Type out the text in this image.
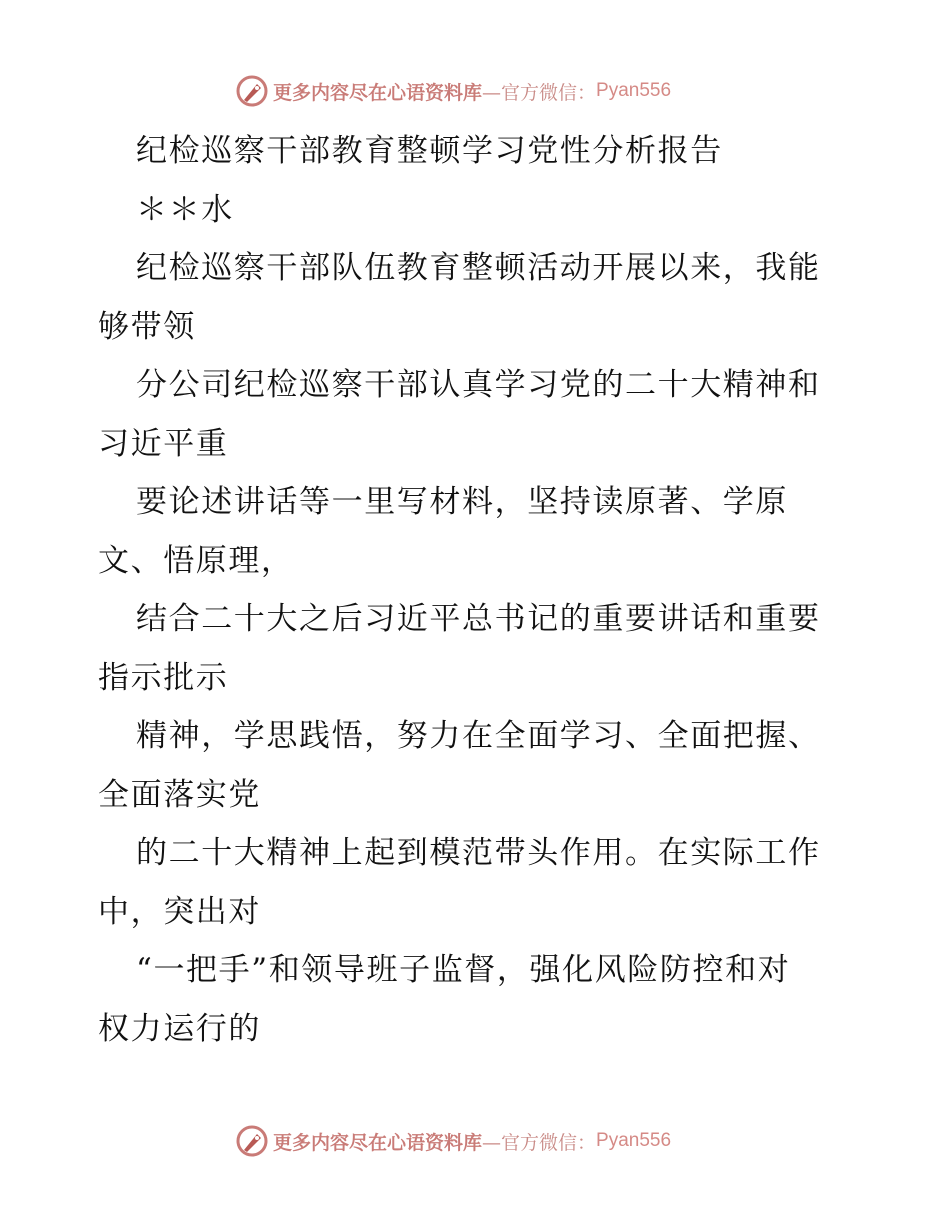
更多内容尽在心语资料库 —官方微信： Pyan556

纪检巡察干部教育整顿学习党性分析报告
＊＊水
纪检巡察干部队伍教育整顿活动开展以来，我能
够带领
分公司纪检巡察干部认真学习党的二十大精神和
习近平重
要论述讲话等一里写材料，坚持读原著、学原
文、悟原理，
结合二十大之后习近平总书记的重要讲话和重要
指示批示
精神，学思践悟，努力在全面学习、全面把握、
全面落实党
的二十大精神上起到模范带头作用。在实际工作
中，突出对
“一把手”和领导班子监督，强化风险防控和对
权力运行的

更多内容尽在心语资料库 —官方微信： Pyan556
